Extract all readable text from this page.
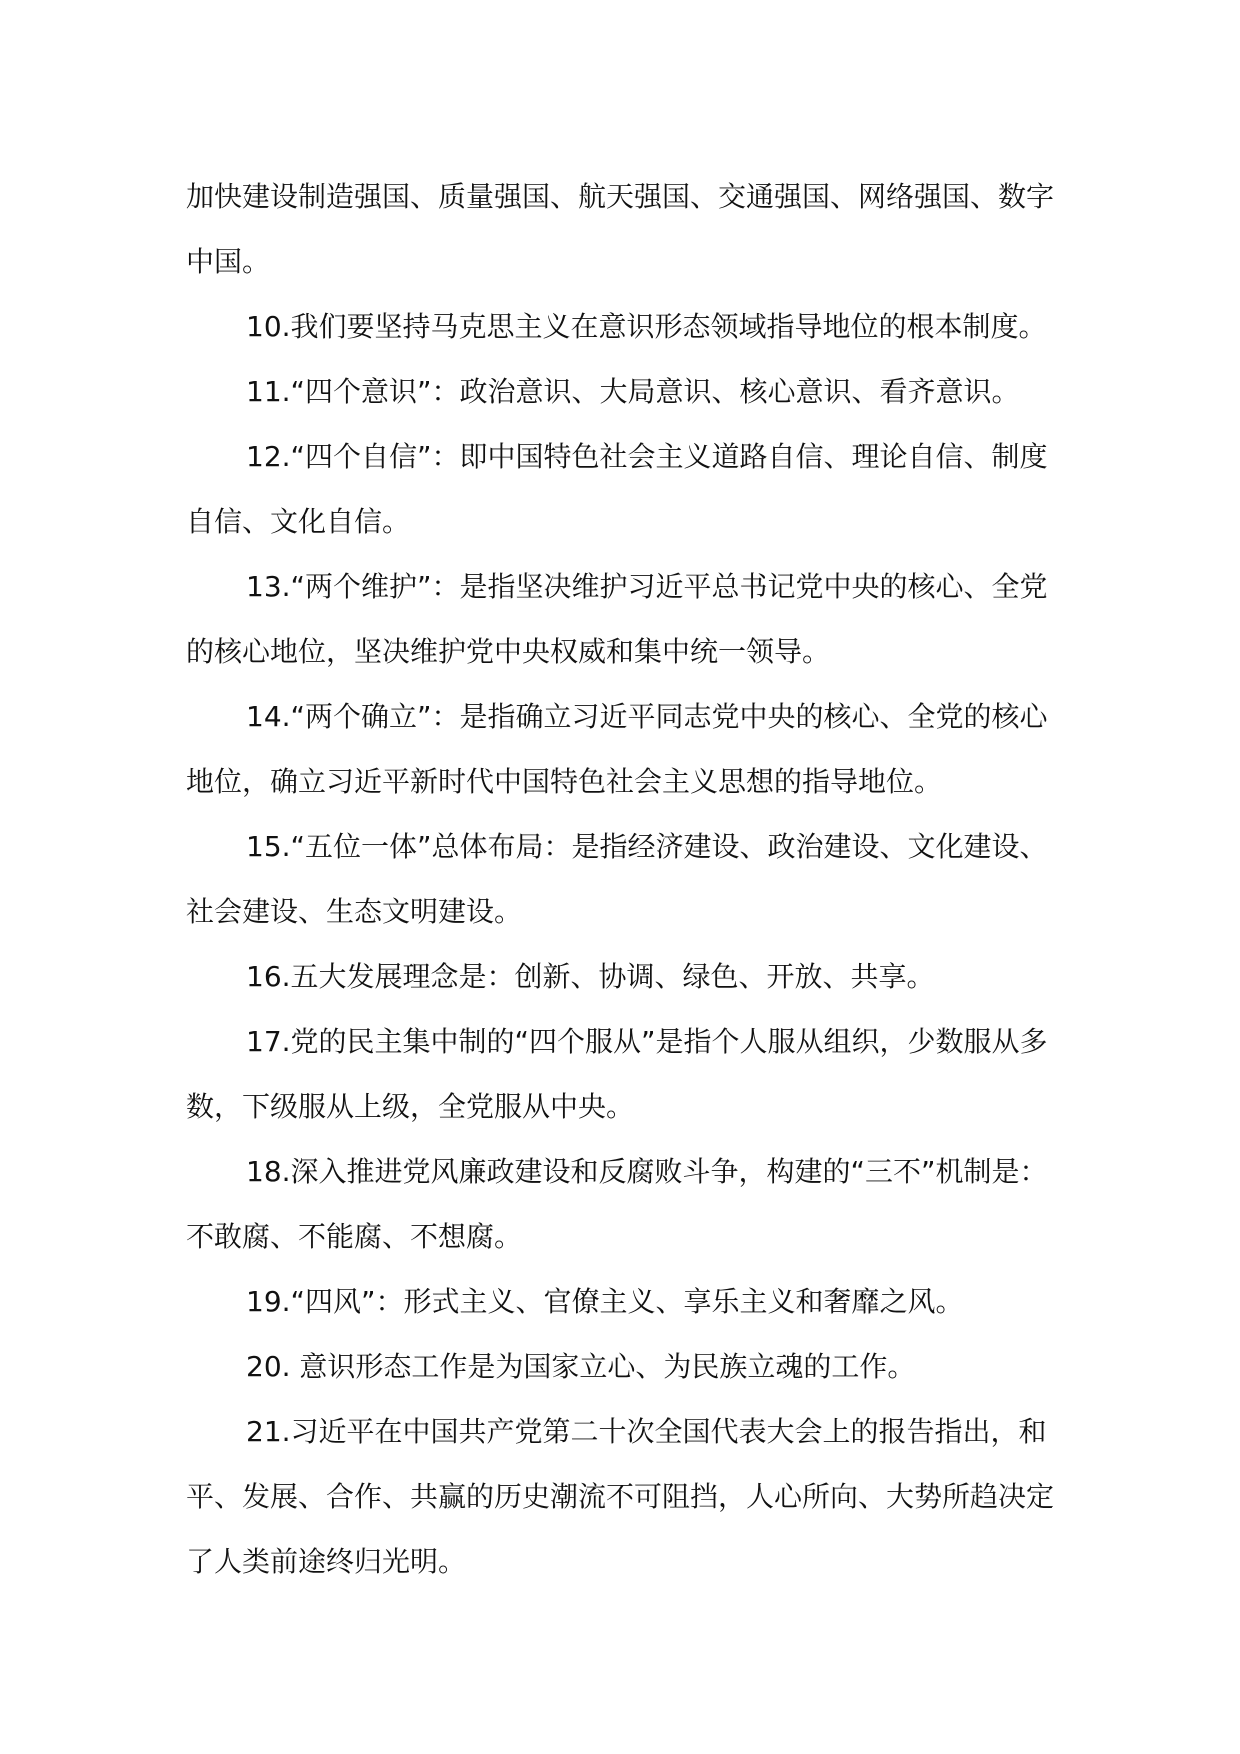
加快建设制造强国、质量强国、航天强国、交通强国、网络强国、数字中国。

10.我们要坚持马克思主义在意识形态领域指导地位的根本制度。

11.“四个意识”：政治意识、大局意识、核心意识、看齐意识。

12.“四个自信”：即中国特色社会主义道路自信、理论自信、制度自信、文化自信。

13.“两个维护”：是指坚决维护习近平总书记党中央的核心、全党的核心地位，坚决维护党中央权威和集中统一领导。

14.“两个确立”：是指确立习近平同志党中央的核心、全党的核心地位，确立习近平新时代中国特色社会主义思想的指导地位。

15.“五位一体”总体布局：是指经济建设、政治建设、文化建设、社会建设、生态文明建设。

16.五大发展理念是：创新、协调、绿色、开放、共享。

17.党的民主集中制的“四个服从”是指个人服从组织，少数服从多数，下级服从上级，全党服从中央。

18.深入推进党风廉政建设和反腐败斗争，构建的“三不”机制是：不敢腐、不能腐、不想腐。

19.“四风”：形式主义、官僚主义、享乐主义和奢靡之风。

20. 意识形态工作是为国家立心、为民族立魂的工作。

21.习近平在中国共产党第二十次全国代表大会上的报告指出，和平、发展、合作、共赢的历史潮流不可阻挡，人心所向、大势所趋决定了人类前途终归光明。
